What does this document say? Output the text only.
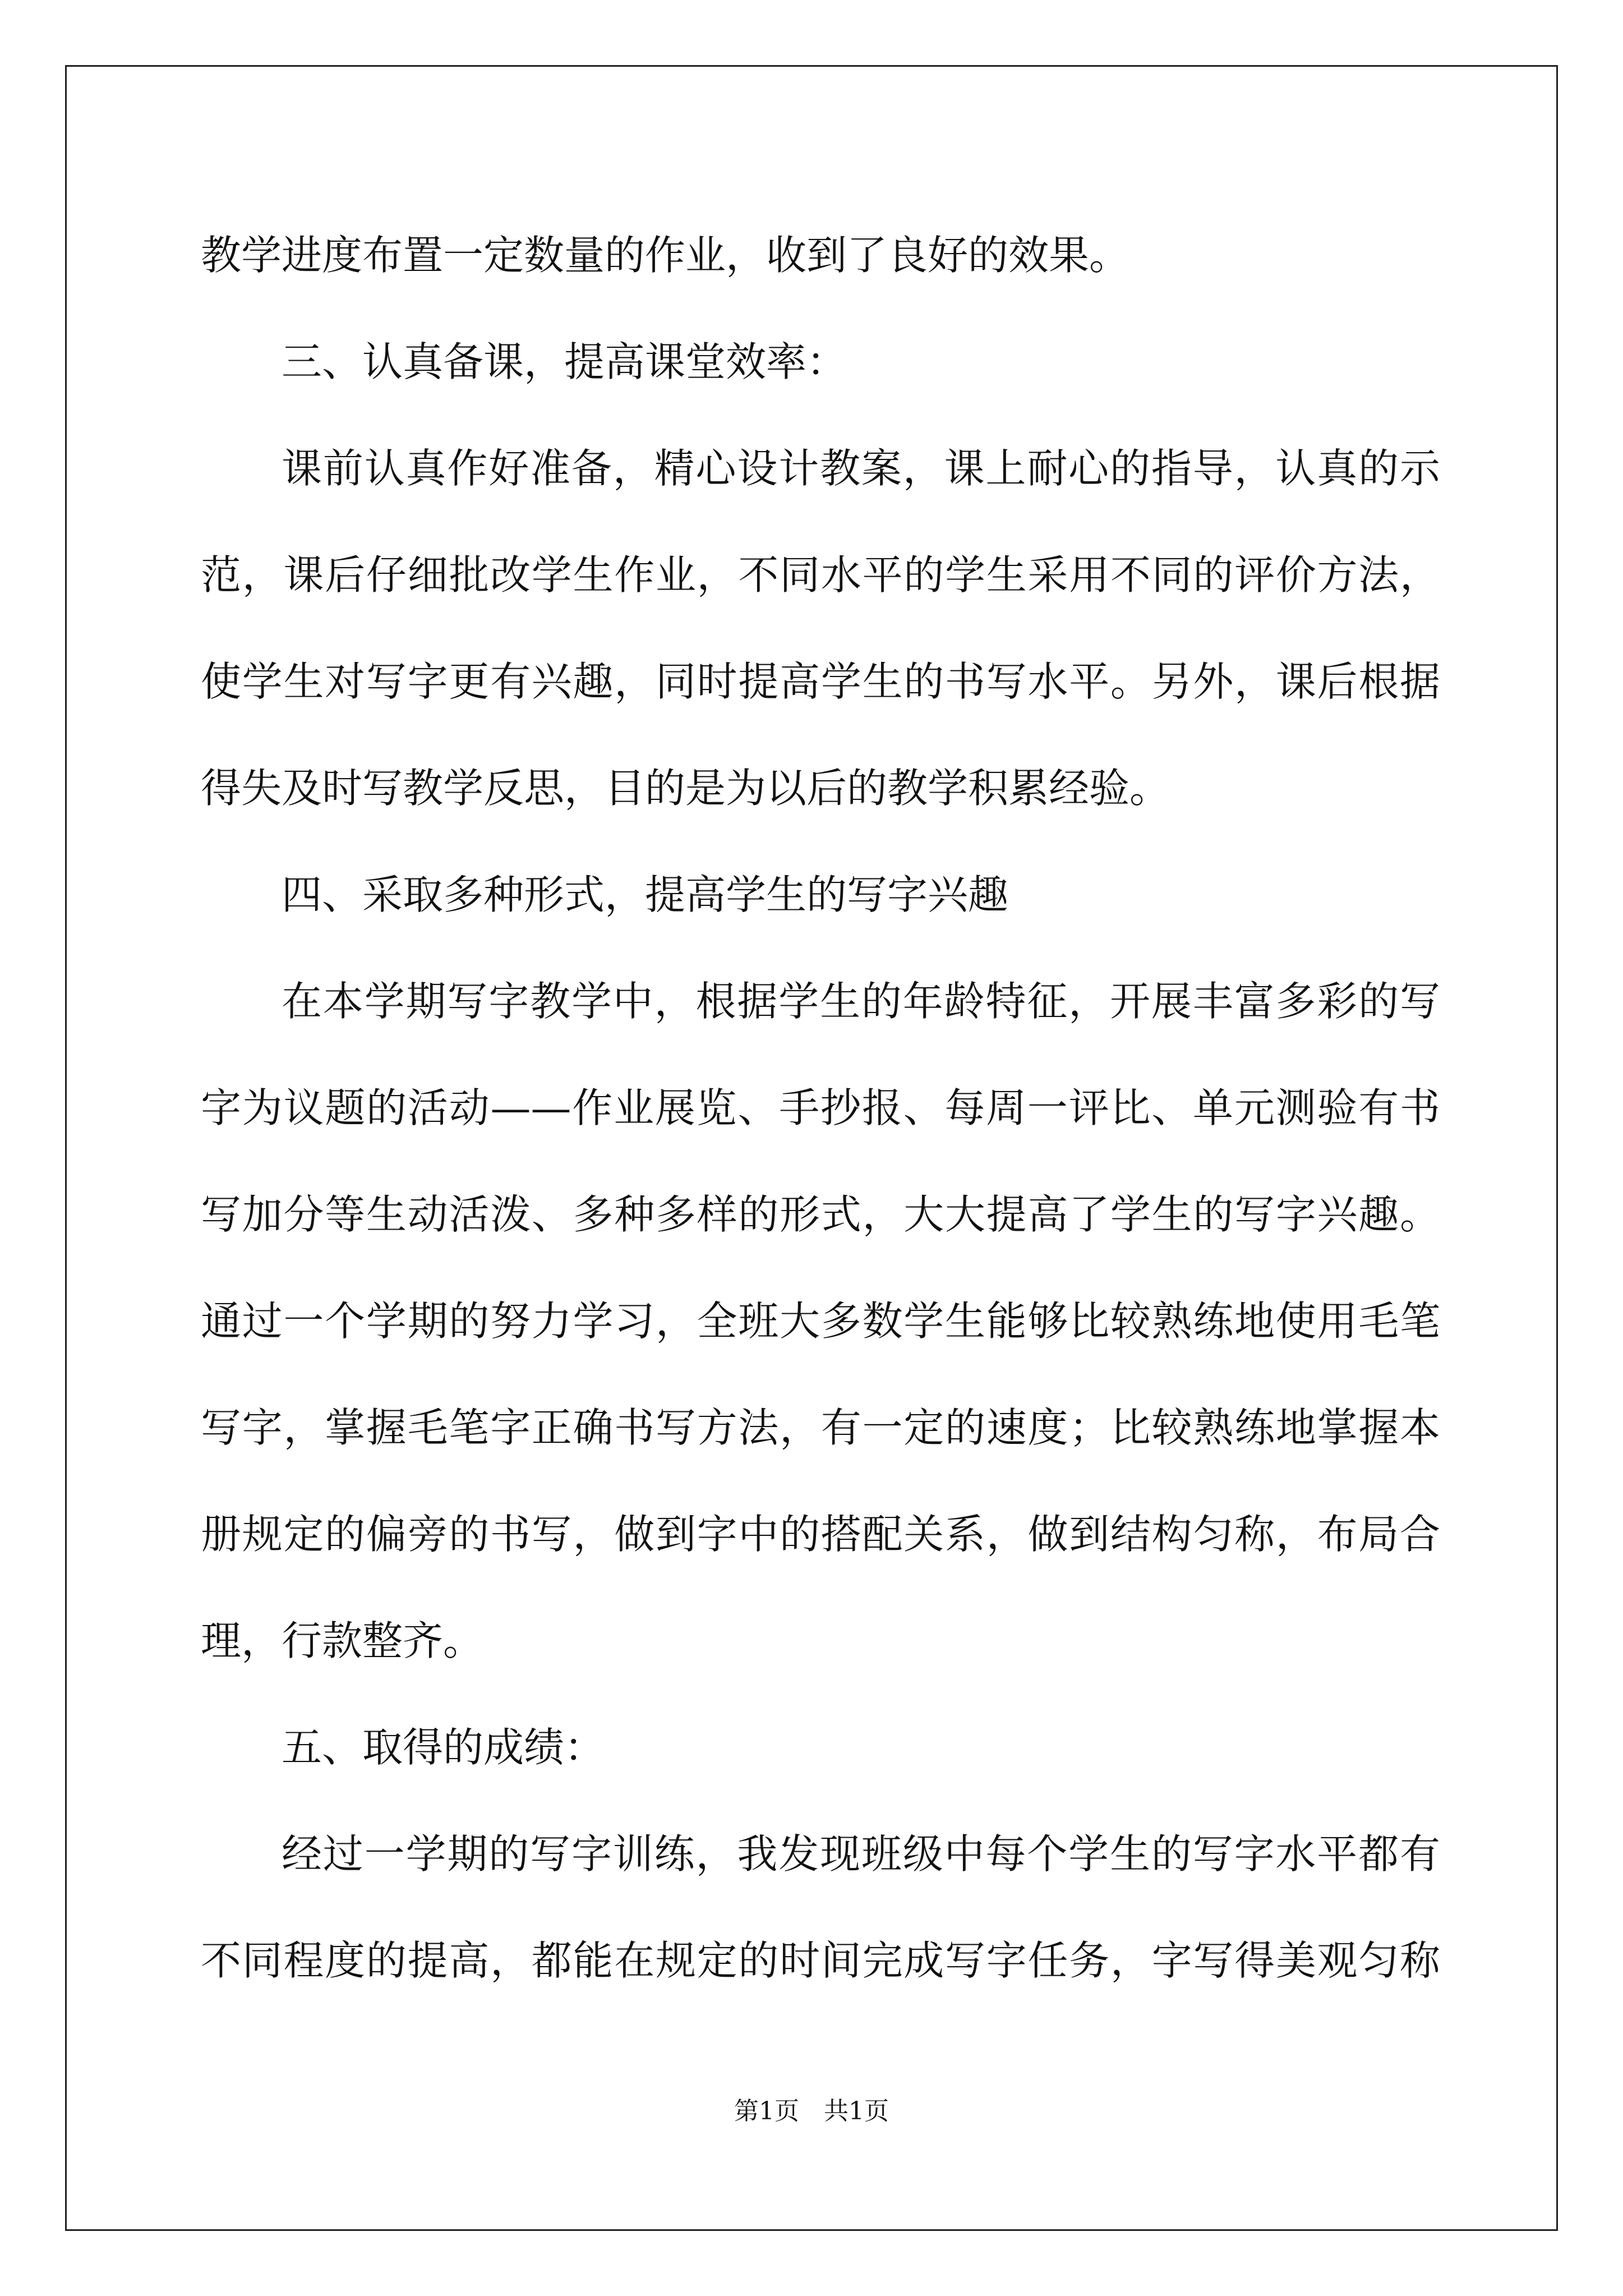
教学进度布置一定数量的作业，收到了良好的效果。
三、认真备课，提高课堂效率：
课前认真作好准备，精心设计教案，课上耐心的指导，认真的示
范，课后仔细批改学生作业，不同水平的学生采用不同的评价方法，
使学生对写字更有兴趣，同时提高学生的书写水平。另外，课后根据
得失及时写教学反思，目的是为以后的教学积累经验。
四、采取多种形式，提高学生的写字兴趣
在本学期写字教学中，根据学生的年龄特征，开展丰富多彩的写
字为议题的活动——作业展览、手抄报、每周一评比、单元测验有书
写加分等生动活泼、多种多样的形式，大大提高了学生的写字兴趣。
通过一个学期的努力学习，全班大多数学生能够比较熟练地使用毛笔
写字，掌握毛笔字正确书写方法，有一定的速度；比较熟练地掌握本
册规定的偏旁的书写，做到字中的搭配关系，做到结构匀称，布局合
理，行款整齐。
五、取得的成绩：
经过一学期的写字训练，我发现班级中每个学生的写字水平都有
不同程度的提高，都能在规定的时间完成写字任务，字写得美观匀称
第1页　共1页
